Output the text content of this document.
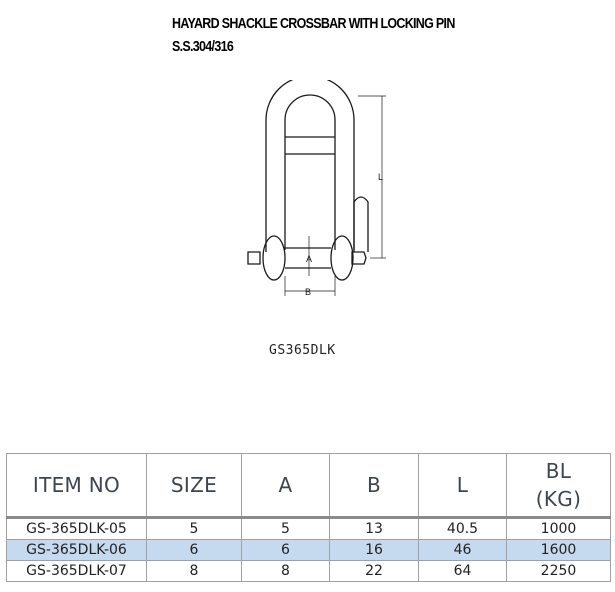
HAYARD SHACKLE CROSSBAR WITH LOCKING PIN
S.S.304/316
A
B
L
GS365DLK
ITEM NO	SIZE	A	B	L	BL
(KG)
GS-365DLK-05	5	5	13	40.5	1000
GS-365DLK-06	6	6	16	46	1600
GS-365DLK-07	8	8	22	64	2250
